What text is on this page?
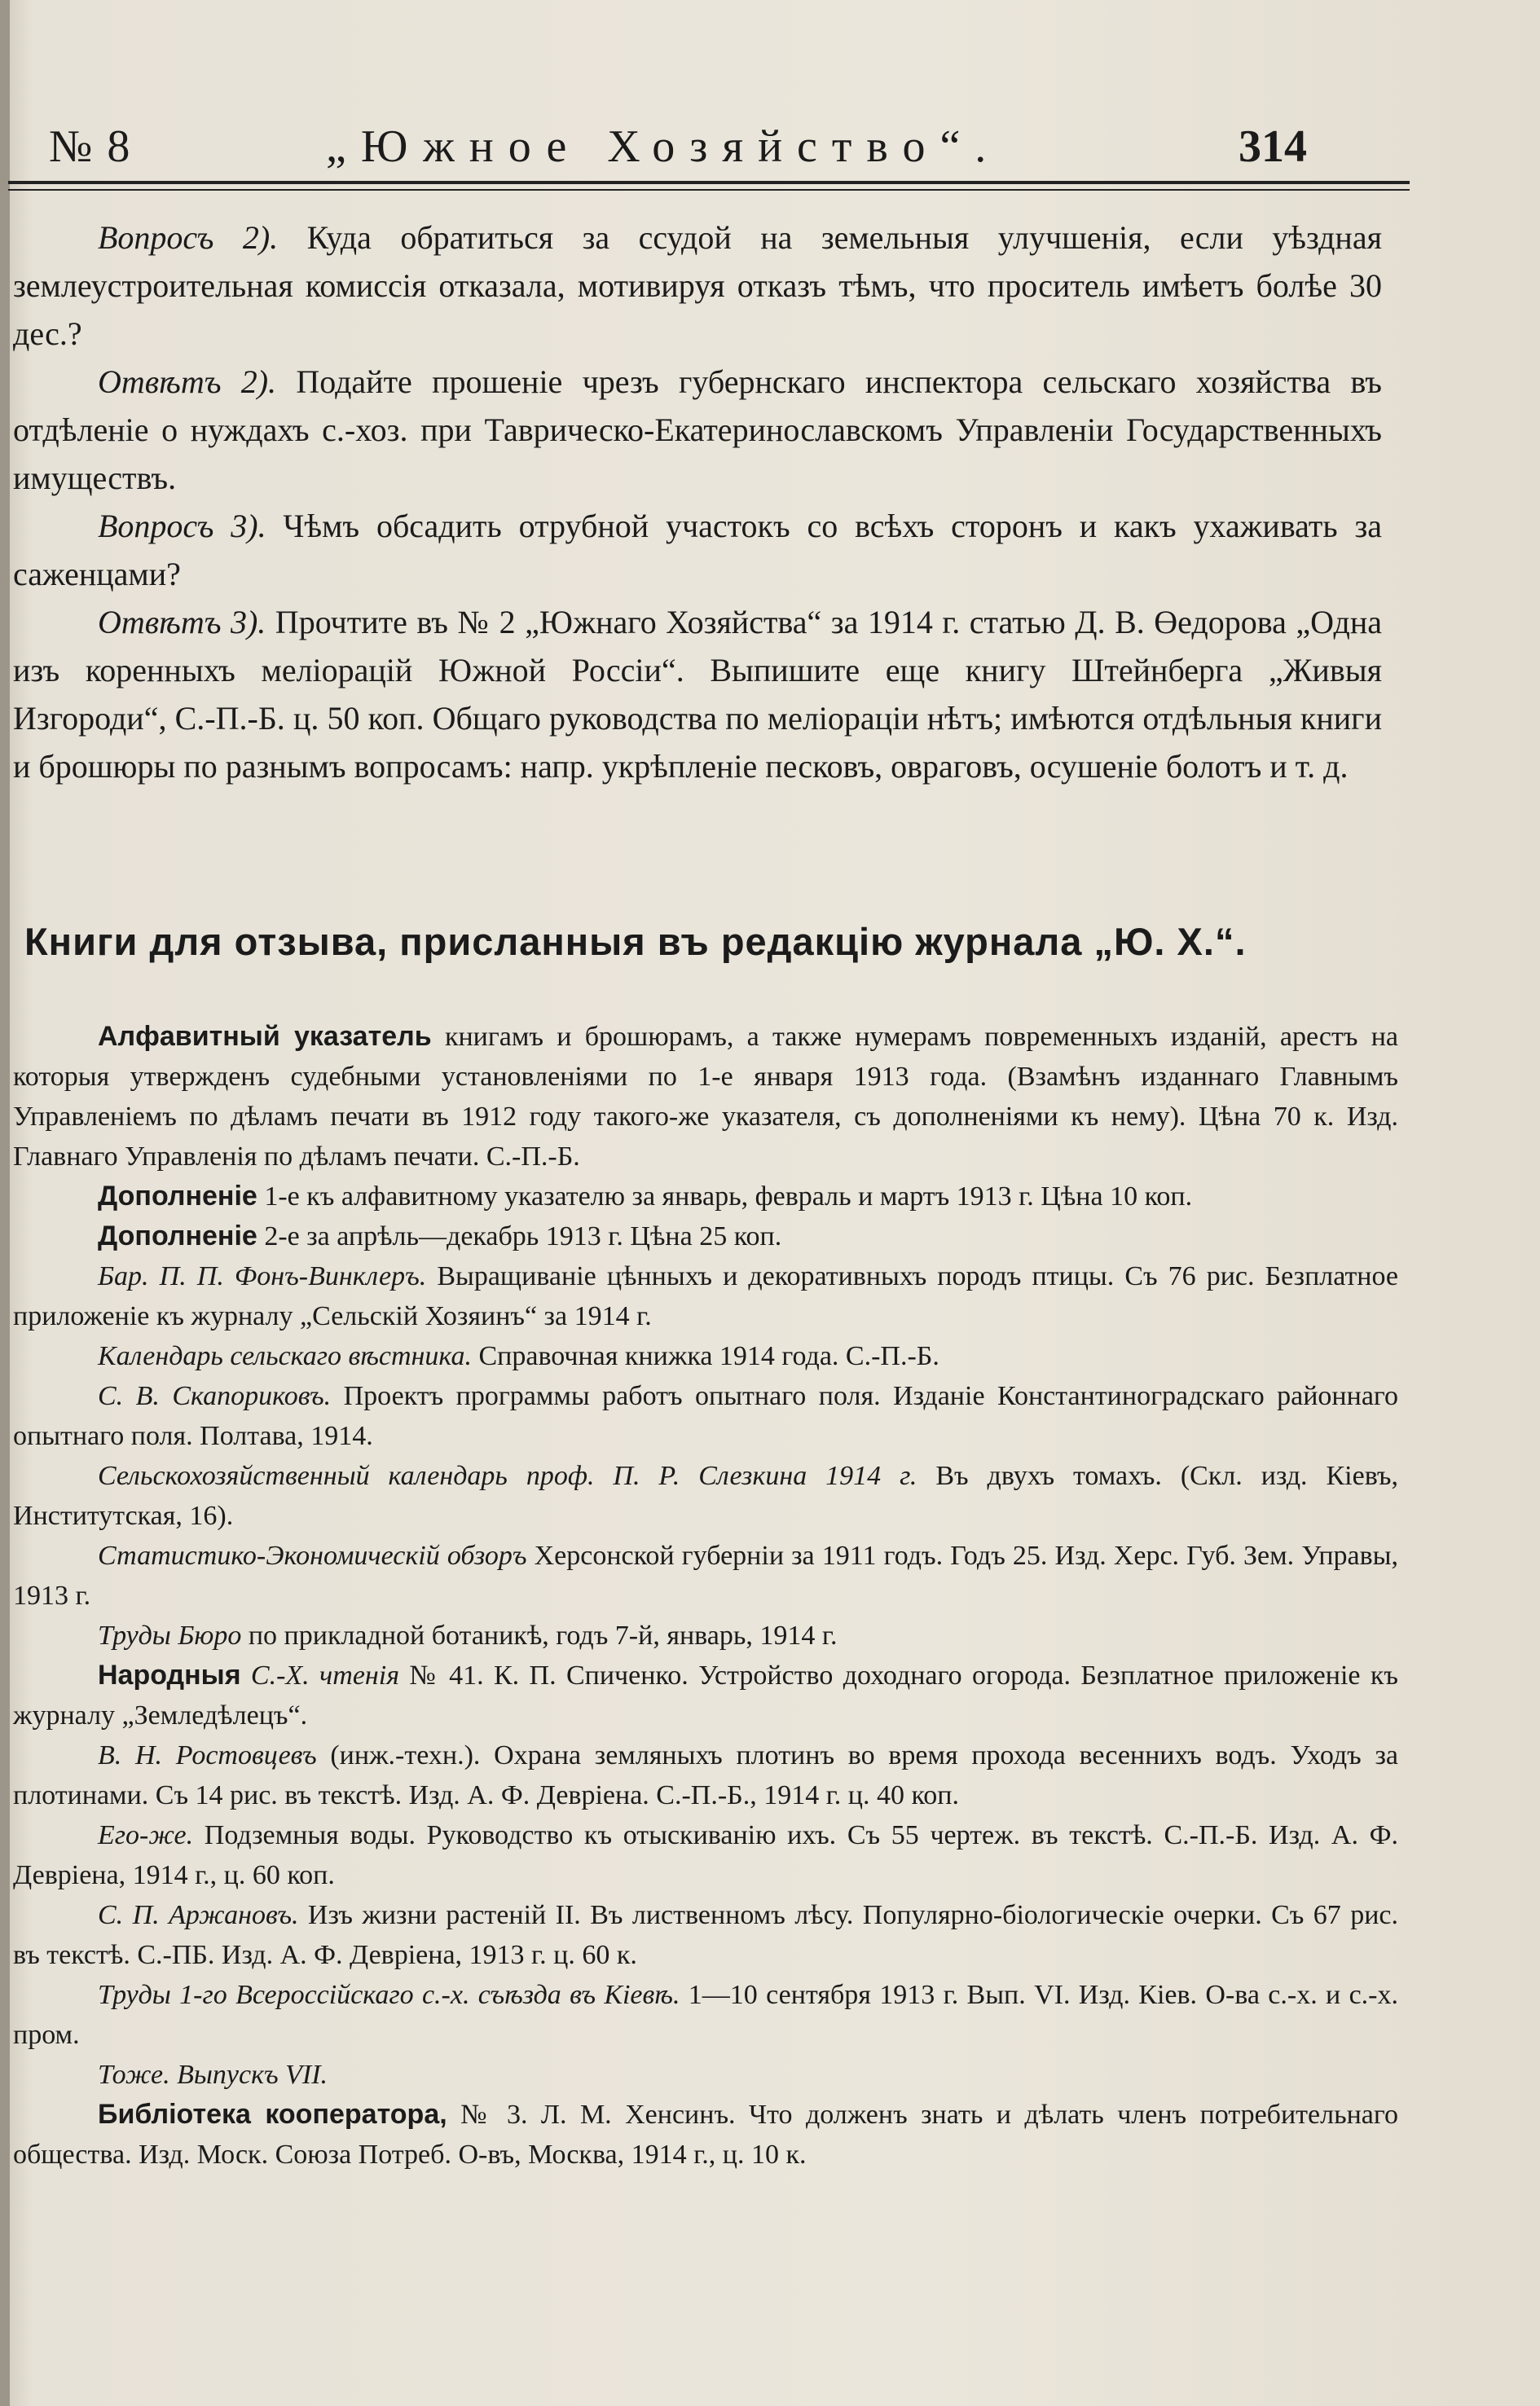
№ 8	„Южное Хозяйство“.	314

Вопросъ 2). Куда обратиться за ссудой на земельныя улучшенія, если уѣздная землеустроительная комиссія отказала, мотивируя отказъ тѣмъ, что проситель имѣетъ болѣе 30 дес.?

Отвѣтъ 2). Подайте прошеніе чрезъ губернскаго инспектора сельскаго хозяйства въ отдѣленіе о нуждахъ с.-хоз. при Таврическо-Екатеринославскомъ Управленіи Государственныхъ имуществъ.

Вопросъ 3). Чѣмъ обсадить отрубной участокъ со всѣхъ сторонъ и какъ ухаживать за саженцами?

Отвѣтъ 3). Прочтите въ № 2 „Южнаго Хозяйства“ за 1914 г. статью Д. В. Өедорова „Одна изъ коренныхъ меліорацій Южной Россіи“. Выпишите еще книгу Штейнберга „Живыя Изгороди“, С.-П.-Б. ц. 50 коп. Общаго руководства по меліораціи нѣтъ; имѣются отдѣльныя книги и брошюры по разнымъ вопросамъ: напр. укрѣпленіе песковъ, овраговъ, осушеніе болотъ и т. д.

Книги для отзыва, присланныя въ редакцію журнала „Ю. Х.“.

Алфавитный указатель книгамъ и брошюрамъ, а также нумерамъ повременныхъ изданій, арестъ на которыя утвержденъ судебными установленіями по 1-е января 1913 года. (Взамѣнъ изданнаго Главнымъ Управленіемъ по дѣламъ печати въ 1912 году такого-же указателя, съ дополненіями къ нему). Цѣна 70 к. Изд. Главнаго Управленія по дѣламъ печати. С.-П.-Б.

Дополненіе 1-е къ алфавитному указателю за январь, февраль и мартъ 1913 г. Цѣна 10 коп.

Дополненіе 2-е за апрѣль—декабрь 1913 г. Цѣна 25 коп.

Бар. П. П. Фонъ-Винклеръ. Выращиваніе цѣнныхъ и декоративныхъ породъ птицы. Съ 76 рис. Безплатное приложеніе къ журналу „Сельскій Хозяинъ“ за 1914 г.

Календарь сельскаго вѣстника. Справочная книжка 1914 года. С.-П.-Б.

С. В. Скапориковъ. Проектъ программы работъ опытнаго поля. Изданіе Константиноградскаго районнаго опытнаго поля. Полтава, 1914.

Сельскохозяйственный календарь проф. П. Р. Слезкина 1914 г. Въ двухъ томахъ. (Скл. изд. Кіевъ, Институтская, 16).

Статистико-Экономическій обзоръ Херсонской губерніи за 1911 годъ. Годъ 25. Изд. Херс. Губ. Зем. Управы, 1913 г.

Труды Бюро по прикладной ботаникѣ, годъ 7-й, январь, 1914 г.

Народныя С.-Х. чтенія № 41. К. П. Спиченко. Устройство доходнаго огорода. Безплатное приложеніе къ журналу „Земледѣлецъ“.

В. Н. Ростовцевъ (инж.-техн.). Охрана земляныхъ плотинъ во время прохода весеннихъ водъ. Уходъ за плотинами. Съ 14 рис. въ текстѣ. Изд. А. Ф. Девріена. С.-П.-Б., 1914 г. ц. 40 коп.

Его-же. Подземныя воды. Руководство къ отыскиванію ихъ. Съ 55 чертеж. въ текстѣ. С.-П.-Б. Изд. А. Ф. Девріена, 1914 г., ц. 60 коп.

С. П. Аржановъ. Изъ жизни растеній II. Въ лиственномъ лѣсу. Популярно-біологическіе очерки. Съ 67 рис. въ текстѣ. С.-ПБ. Изд. А. Ф. Девріена, 1913 г. ц. 60 к.

Труды 1-го Всероссійскаго с.-х. съѣзда въ Кіевѣ. 1—10 сентября 1913 г. Вып. VI. Изд. Кіев. О-ва с.-х. и с.-х. пром.

Тоже. Выпускъ VII.

Библіотека кооператора, № 3. Л. М. Хенсинъ. Что долженъ знать и дѣлать членъ потребительнаго общества. Изд. Моск. Союза Потреб. О-въ, Москва, 1914 г., ц. 10 к.
